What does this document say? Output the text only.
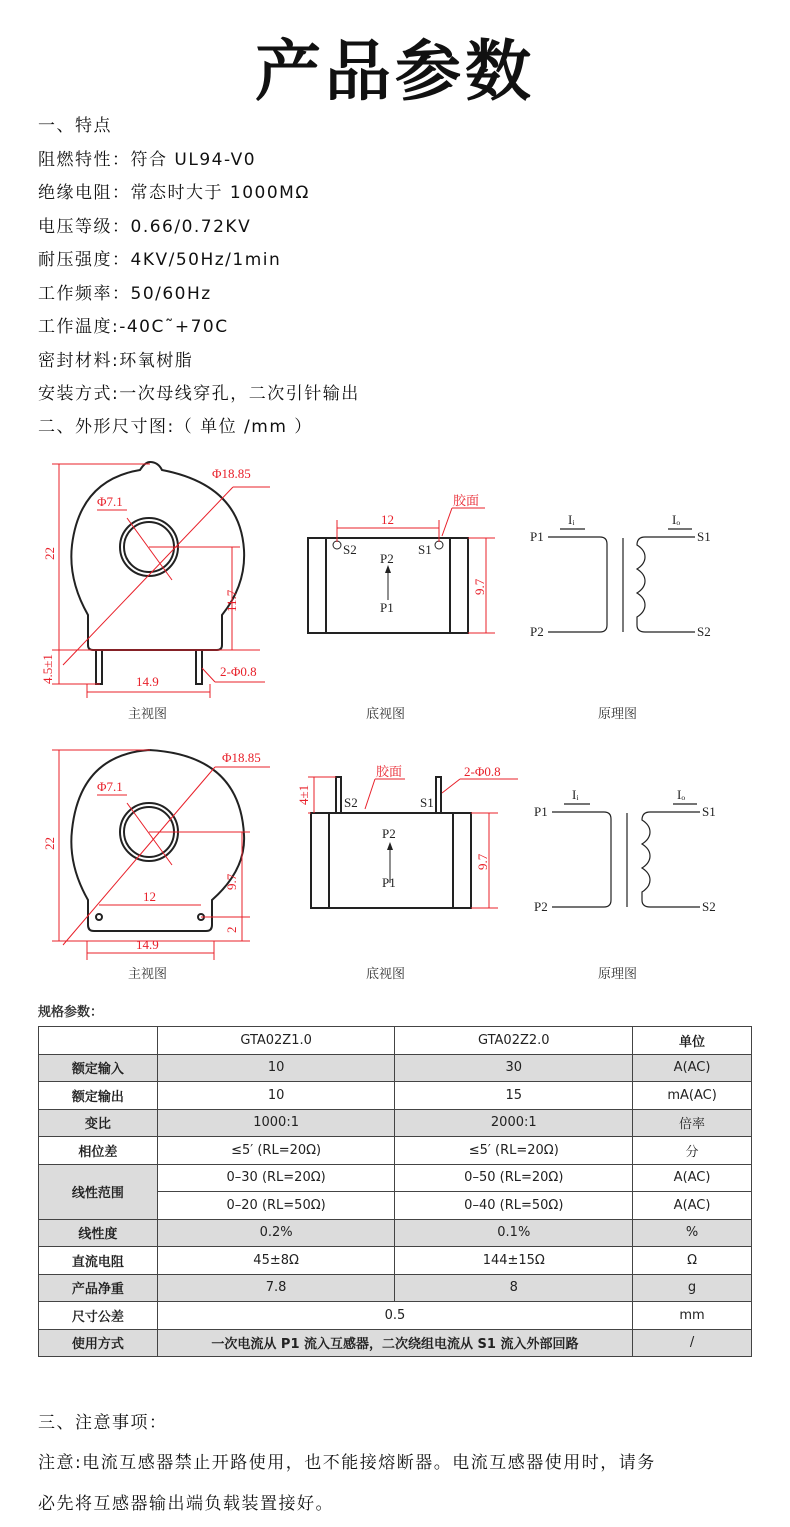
产品参数
一、特点
阻燃特性：符合 UL94-V0
绝缘电阻：常态时大于 1000MΩ
电压等级：0.66/0.72KV
耐压强度：4KV/50Hz/1min
工作频率：50/60Hz
工作温度:-40C˜+70C
密封材料:环氧树脂
安装方式:一次母线穿孔，二次引针输出
二、外形尺寸图:（ 单位 /mm ）
Φ18.85
Φ7.1
22
11.7
4.5±1	14.9
2-Φ0.8
主视图
12
胶面
9.7
S2	S1
P2
P1
底视图
P1
P2
S1
S2
Iᵢ	Iₒ
原理图
Φ18.85
Φ7.1
22
9.7
2
12
14.9
主视图
4±1
胶面	2-Φ0.8
9.7
S2	S1
P2
P1
底视图
P1
P2
S1
S2
Iᵢ	Iₒ
原理图
规格参数：
	GTA02Z1.0	GTA02Z2.0	单位
额定输入	10	30	A(AC)
额定输出	10	15	mA(AC)
变比	1000:1	2000:1	倍率
相位差	≤5′ (RL=20Ω)	≤5′ (RL=20Ω)	分
线性范围	0–30 (RL=20Ω)	0–50 (RL=20Ω)	A(AC)
	0–20 (RL=50Ω)	0–40 (RL=50Ω)	A(AC)
线性度	0.2%	0.1%	%
直流电阻	45±8Ω	144±15Ω	Ω
产品净重	7.8	8	g
尺寸公差	0.5		mm
使用方式	一次电流从 P1 流入互感器，二次绕组电流从 S1 流入外部回路		/
三、注意事项：
注意:电流互感器禁止开路使用，也不能接熔断器。电流互感器使用时，请务
必先将互感器输出端负载装置接好。
